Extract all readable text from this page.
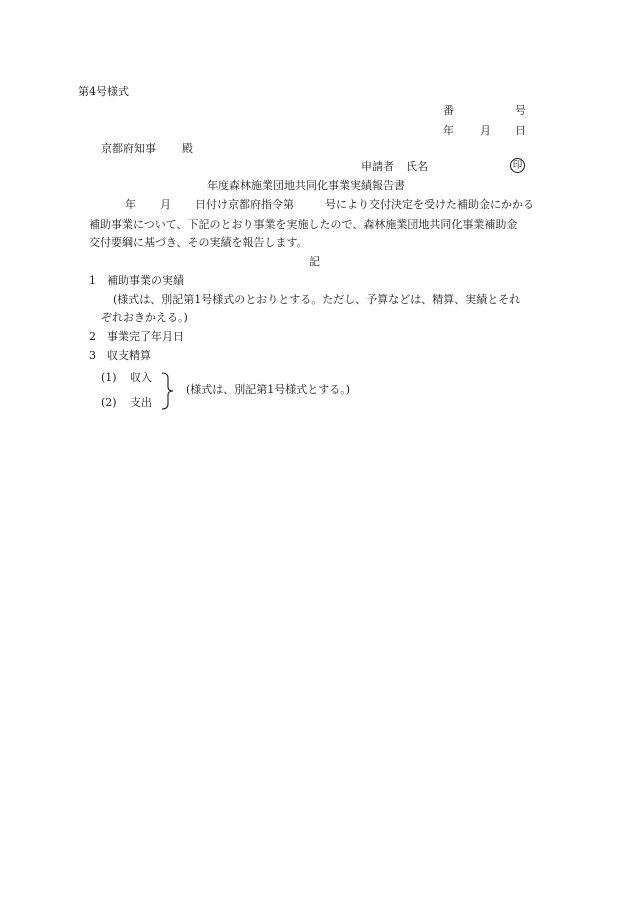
第4号様式
番	号
年 月 日
京都府知事 殿
申請者 氏名	印
年度森林施業団地共同化事業実績報告書
年 月 日付け京都府指令第	号により交付決定を受けた補助金にかかる
補助事業について、下記のとおり事業を実施したので、森林施業団地共同化事業補助金
交付要綱に基づき、その実績を報告します。
記
1 補助事業の実績
(様式は、別記第1号様式のとおりとする。ただし、予算などは、精算、実績とそれ
ぞれおきかえる。)
2 事業完了年月日
3 収支精算
(1) 収入
(2) 支出
(様式は、別記第1号様式とする。)
